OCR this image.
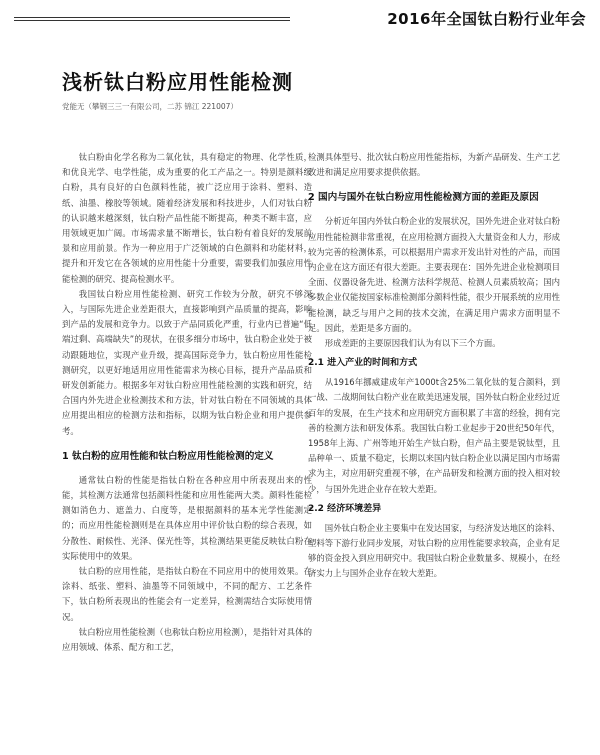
2016年全国钛白粉行业年会
浅析钛白粉应用性能检测
党能无（攀钢三三一有限公司，二苏 锦江 221007）

钛白粉由化学名称为二氧化钛，具有稳定的物理、化学性质，和优良光学、电学性能，成为重要的化工产品之一。特别是颜料级白粉，具有良好的白色颜料性能，被广泛应用于涂料、塑料、造纸、油墨、橡胶等领域。随着经济发展和科技进步，人们对钛白粉的认识越来越深刻，钛白粉产品性能不断提高，种类不断丰富，应用领域更加广阔。市场需求量不断增长，钛白粉有着良好的发展前景和应用前景。作为一种应用于广泛领域的白色颜料和功能材料，提升和开发它在各领域的应用性能十分重要，需要我们加强应用性能检测的研究、提高检测水平。

我国钛白粉应用性能检测、研究工作较为分散，研究不够深入，与国际先进企业差距很大，直接影响到产品质量的提高，影响到产品的发展和竞争力。以致于产品同质化严重，行业内已普遍“低端过剩、高端缺失”的现状，在很多细分市场中，钛白粉企业处于被动跟随地位，实现产业升级，提高国际竞争力，钛白粉应用性能检测研究，以更好地适用应用性能需求为核心目标，提升产品品质和研发创新能力。根据多年对钛白粉应用性能检测的实践和研究，结合国内外先进企业检测技术和方法，针对钛白粉在不同领域的具体应用提出相应的检测方法和指标，以期为钛白粉企业和用户提供参考。

1 钛白粉的应用性能和钛白粉应用性能检测的定义

通常钛白粉的性能是指钛白粉在各种应用中所表现出来的性能，其检测方法通常包括颜料性能和应用性能两大类。颜料性能检测如消色力、遮盖力、白度等，是根据颜料的基本光学性能测定的；而应用性能检测则是在具体应用中评价钛白粉的综合表现，如分散性、耐候性、光泽、保光性等，其检测结果更能反映钛白粉在实际使用中的效果。

钛白粉的应用性能，是指钛白粉在不同应用中的使用效果。在涂料、纸张、塑料、油墨等不同领域中，不同的配方、工艺条件下，钛白粉所表现出的性能会有一定差异，检测需结合实际使用情况。

钛白粉应用性能检测（也称钛白粉应用检测），是指针对具体的应用领域、体系、配方和工艺，

检测具体型号、批次钛白粉应用性能指标，为新产品研发、生产工艺改进和满足应用要求提供依据。

2 国内与国外在钛白粉应用性能检测方面的差距及原因

分析近年国内外钛白粉企业的发展状况，国外先进企业对钛白粉应用性能检测非常重视，在应用检测方面投入大量资金和人力，形成较为完善的检测体系，可以根据用户需求开发出针对性的产品，而国内企业在这方面还有很大差距。主要表现在：国外先进企业检测项目全面、仪器设备先进、检测方法科学规范、检测人员素质较高；国内多数企业仅能按国家标准检测部分颜料性能，很少开展系统的应用性能检测，缺乏与用户之间的技术交流，在满足用户需求方面明显不足。因此，差距是多方面的。

形成差距的主要原因我们认为有以下三个方面。

2.1 进入产业的时间和方式

从1916年挪威建成年产1000t含25%二氧化钛的复合颜料，到一战、二战期间钛白粉产业在欧美迅速发展，国外钛白粉企业经过近百年的发展，在生产技术和应用研究方面积累了丰富的经验，拥有完善的检测方法和研发体系。我国钛白粉工业起步于20世纪50年代，1958年上海、广州等地开始生产钛白粉，但产品主要是锐钛型，且品种单一、质量不稳定，长期以来国内钛白粉企业以满足国内市场需求为主，对应用研究重视不够，在产品研发和检测方面的投入相对较少，与国外先进企业存在较大差距。

2.2 经济环境差异

国外钛白粉企业主要集中在发达国家，与经济发达地区的涂料、塑料等下游行业同步发展，对钛白粉的应用性能要求较高，企业有足够的资金投入到应用研究中。我国钛白粉企业数量多、规模小，在经济实力上与国外企业存在较大差距。
